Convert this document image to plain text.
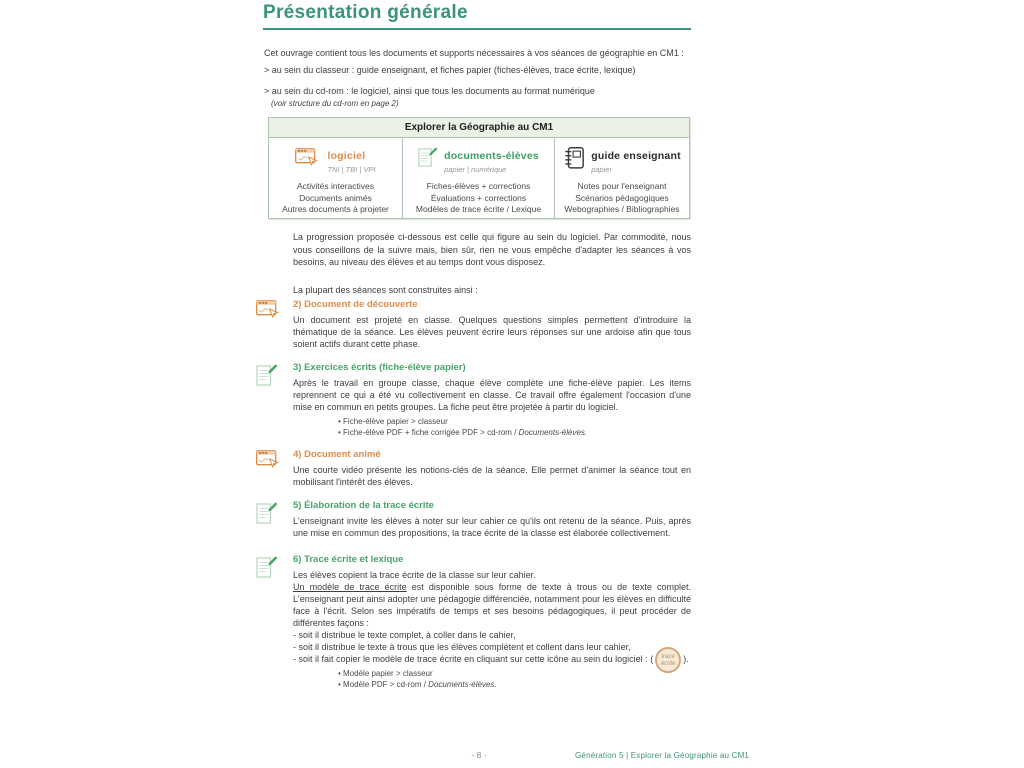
Présentation générale
Cet ouvrage contient tous les documents et supports nécessaires à vos séances de géographie en CM1 :
> au sein du classeur : guide enseignant, et fiches papier (fiches-élèves, trace écrite, lexique)
> au sein du cd-rom : le logiciel, ainsi que tous les documents au format numérique
(voir structure du cd-rom en page 2)
Explorer la Géographie au CM1
logiciel
TNI | TBI | VPI
Activités interactives
Documents animés
Autres documents à projeter
documents-élèves
papier | numérique
Fiches-élèves + corrections
Évaluations + corrections
Modèles de trace écrite / Lexique
guide enseignant
papier
Notes pour l'enseignant
Scénarios pédagogiques
Webographies / Bibliographies
La progression proposée ci-dessous est celle qui figure au sein du logiciel. Par commodité, nous vous conseillons de la suivre mais, bien sûr, rien ne vous empêche d'adapter les séances à vos besoins, au niveau des élèves et au temps dont vous disposez.
La plupart des séances sont construites ainsi :
2) Document de découverte

Un document est projeté en classe. Quelques questions simples permettent d'introduire la thématique de la séance. Les élèves peuvent écrire leurs réponses sur une ardoise afin que tous soient actifs durant cette phase.

3) Exercices écrits (fiche-élève papier)

Après le travail en groupe classe, chaque élève complète une fiche-élève papier. Les items reprennent ce qui a été vu collectivement en classe. Ce travail offre également l'occasion d'une mise en commun en petits groupes. La fiche peut être projetée à partir du logiciel.

• Fiche-élève papier > classeur
• Fiche-élève PDF + fiche corrigée PDF > cd-rom / Documents-élèves.
4) Document animé

Une courte vidéo présente les notions-clés de la séance. Elle permet d'animer la séance tout en mobilisant l'intérêt des élèves.

5) Élaboration de la trace écrite

L'enseignant invite les élèves à noter sur leur cahier ce qu'ils ont retenu de la séance. Puis, après une mise en commun des propositions, la trace écrite de la classe est élaborée collectivement.

6) Trace écrite et lexique

Les élèves copient la trace écrite de la classe sur leur cahier.

Un modèle de trace écrite est disponible sous forme de texte à trous ou de texte complet. L'enseignant peut ainsi adopter une pédagogie différenciée, notamment pour les élèves en difficulté face à l'écrit. Selon ses impératifs de temps et ses besoins pédagogiques, il peut procéder de différentes façons :

- soit il distribue le texte complet, à coller dans le cahier,

- soit il distribue le texte à trous que les élèves complètent et collent dans leur cahier,

- soit il fait copier le modèle de trace écrite en cliquant sur cette icône au sein du logiciel : (	trace
écrite ).

• Modèle papier > classeur
• Modèle PDF > cd-rom / Documents-élèves.
- 8 -	Génération 5 | Explorer la Géographie au CM1
